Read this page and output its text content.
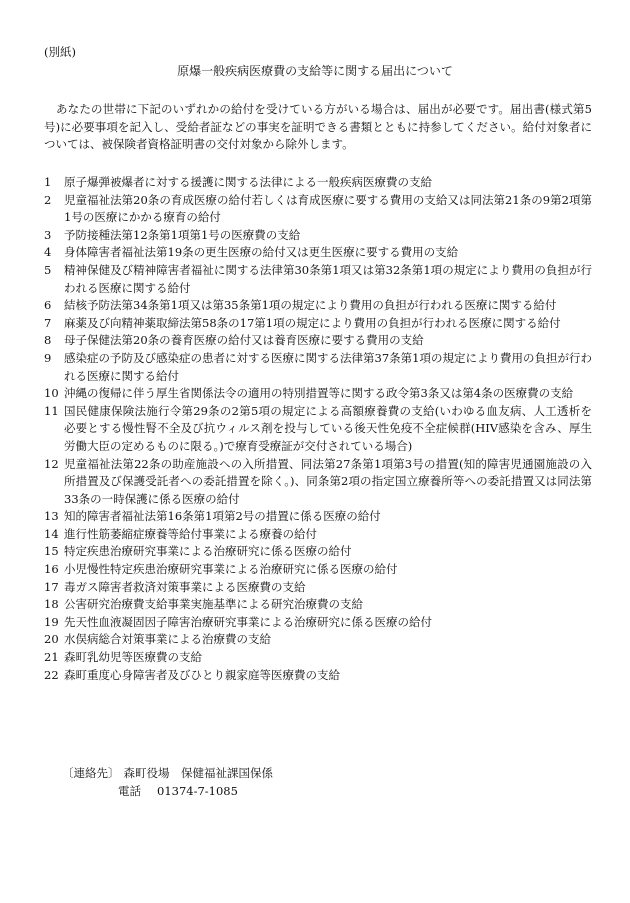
(別紙)
原爆一般疾病医療費の支給等に関する届出について

あなたの世帯に下記のいずれかの給付を受けている方がいる場合は、届出が必要です。届出書(様式第5号)に必要事項を記入し、受給者証などの事実を証明できる書類とともに持参してください。給付対象者については、被保険者資格証明書の交付対象から除外します。

1	原子爆弾被爆者に対する援護に関する法律による一般疾病医療費の支給
2	児童福祉法第20条の育成医療の給付若しくは育成医療に要する費用の支給又は同法第21条の9第2項第1号の医療にかかる療育の給付
3	予防接種法第12条第1項第1号の医療費の支給
4	身体障害者福祉法第19条の更生医療の給付又は更生医療に要する費用の支給
5	精神保健及び精神障害者福祉に関する法律第30条第1項又は第32条第1項の規定により費用の負担が行われる医療に関する給付
6	結核予防法第34条第1項又は第35条第1項の規定により費用の負担が行われる医療に関する給付
7	麻薬及び向精神薬取締法第58条の17第1項の規定により費用の負担が行われる医療に関する給付
8	母子保健法第20条の養育医療の給付又は養育医療に要する費用の支給
9	感染症の予防及び感染症の患者に対する医療に関する法律第37条第1項の規定により費用の負担が行われる医療に関する給付
10 沖縄の復帰に伴う厚生省関係法令の適用の特別措置等に関する政令第3条又は第4条の医療費の支給
11 国民健康保険法施行令第29条の2第5項の規定による高額療養費の支給(いわゆる血友病、人工透析を必要とする慢性腎不全及び抗ウィルス剤を投与している後天性免疫不全症候群(HIV感染を含み、厚生労働大臣の定めるものに限る。)で療育受療証が交付されている場合)
12 児童福祉法第22条の助産施設への入所措置、同法第27条第1項第3号の措置(知的障害児通園施設の入所措置及び保護受託者への委託措置を除く。)、同条第2項の指定国立療養所等への委託措置又は同法第33条の一時保護に係る医療の給付
13 知的障害者福祉法第16条第1項第2号の措置に係る医療の給付
14 進行性筋萎縮症療養等給付事業による療養の給付
15 特定疾患治療研究事業による治療研究に係る医療の給付
16 小児慢性特定疾患治療研究事業による治療研究に係る医療の給付
17 毒ガス障害者救済対策事業による医療費の支給
18 公害研究治療費支給事業実施基準による研究治療費の支給
19 先天性血液凝固因子障害治療研究事業による治療研究に係る医療の給付
20 水俣病総合対策事業による治療費の支給
21 森町乳幼児等医療費の支給
22 森町重度心身障害者及びひとり親家庭等医療費の支給
〔連絡先〕 森町役場　保健福祉課国保係
電話 01374-7-1085
